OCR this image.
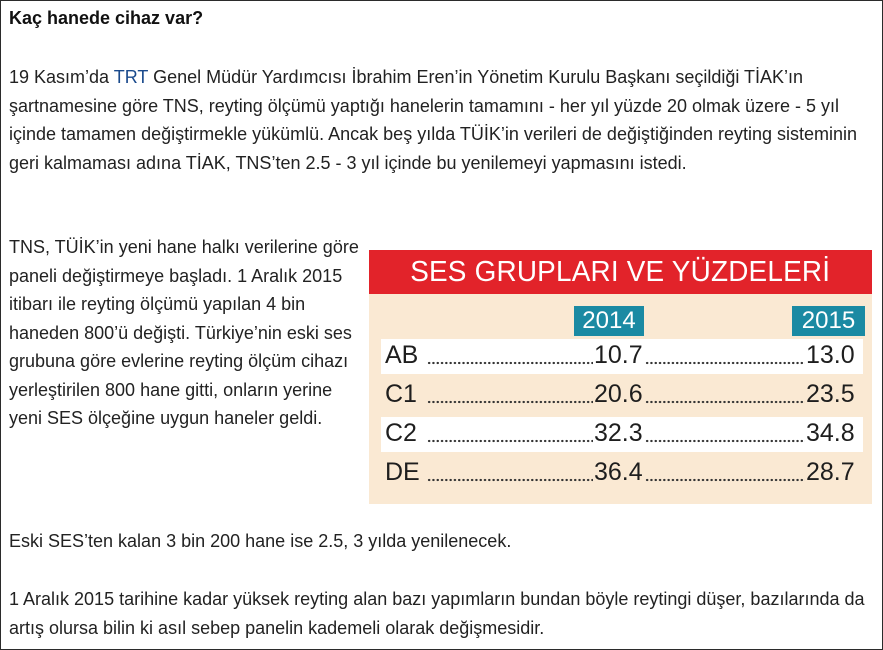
Kaç hanede cihaz var?

19 Kasım’da TRT Genel Müdür Yardımcısı İbrahim Eren’in Yönetim Kurulu Başkanı seçildiği TİAK’ın şartnamesine göre TNS, reyting ölçümü yaptığı hanelerin tamamını - her yıl yüzde 20 olmak üzere - 5 yıl içinde tamamen değiştirmekle yükümlü. Ancak beş yılda TÜİK’in verileri de değiştiğinden reyting sisteminin geri kalmaması adına TİAK, TNS’ten 2.5 - 3 yıl içinde bu yenilemeyi yapmasını istedi.

TNS, TÜİK’in yeni hane halkı verilerine göre paneli değiştirmeye başladı. 1 Aralık 2015 itibarı ile reyting ölçümü yapılan 4 bin haneden 800’ü değişti. Türkiye’nin eski ses grubuna göre evlerine reyting ölçüm cihazı yerleştirilen 800 hane gitti, onların yerine yeni SES ölçeğine uygun haneler geldi.

SES GRUPLARI VE YÜZDELERİ
2014	2015
AB	10.7	13.0
C1	20.6	23.5
C2	32.3	34.8
DE	36.4	28.7

Eski SES’ten kalan 3 bin 200 hane ise 2.5, 3 yılda yenilenecek.

1 Aralık 2015 tarihine kadar yüksek reyting alan bazı yapımların bundan böyle reytingi düşer, bazılarında da artış olursa bilin ki asıl sebep panelin kademeli olarak değişmesidir.
